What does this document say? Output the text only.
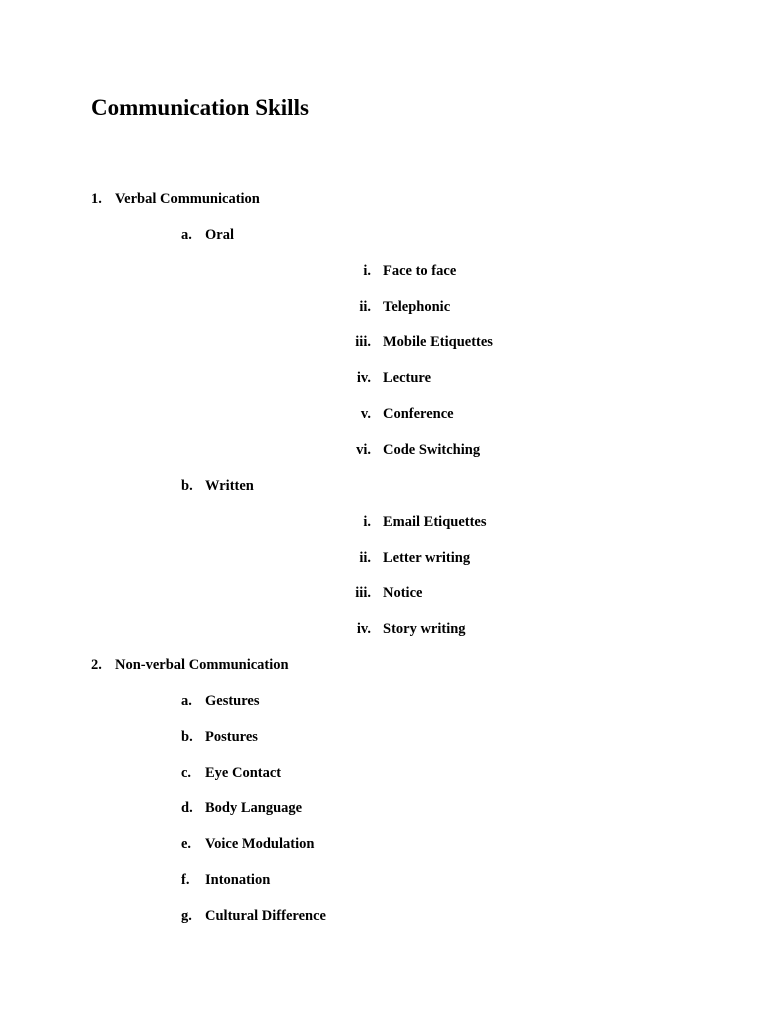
Communication Skills
1. Verbal Communication
a. Oral
i. Face to face
ii. Telephonic
iii. Mobile Etiquettes
iv. Lecture
v. Conference
vi. Code Switching
b. Written
i. Email Etiquettes
ii. Letter writing
iii. Notice
iv. Story writing
2. Non-verbal Communication
a. Gestures
b. Postures
c. Eye Contact
d. Body Language
e. Voice Modulation
f.	Intonation
g. Cultural Difference
